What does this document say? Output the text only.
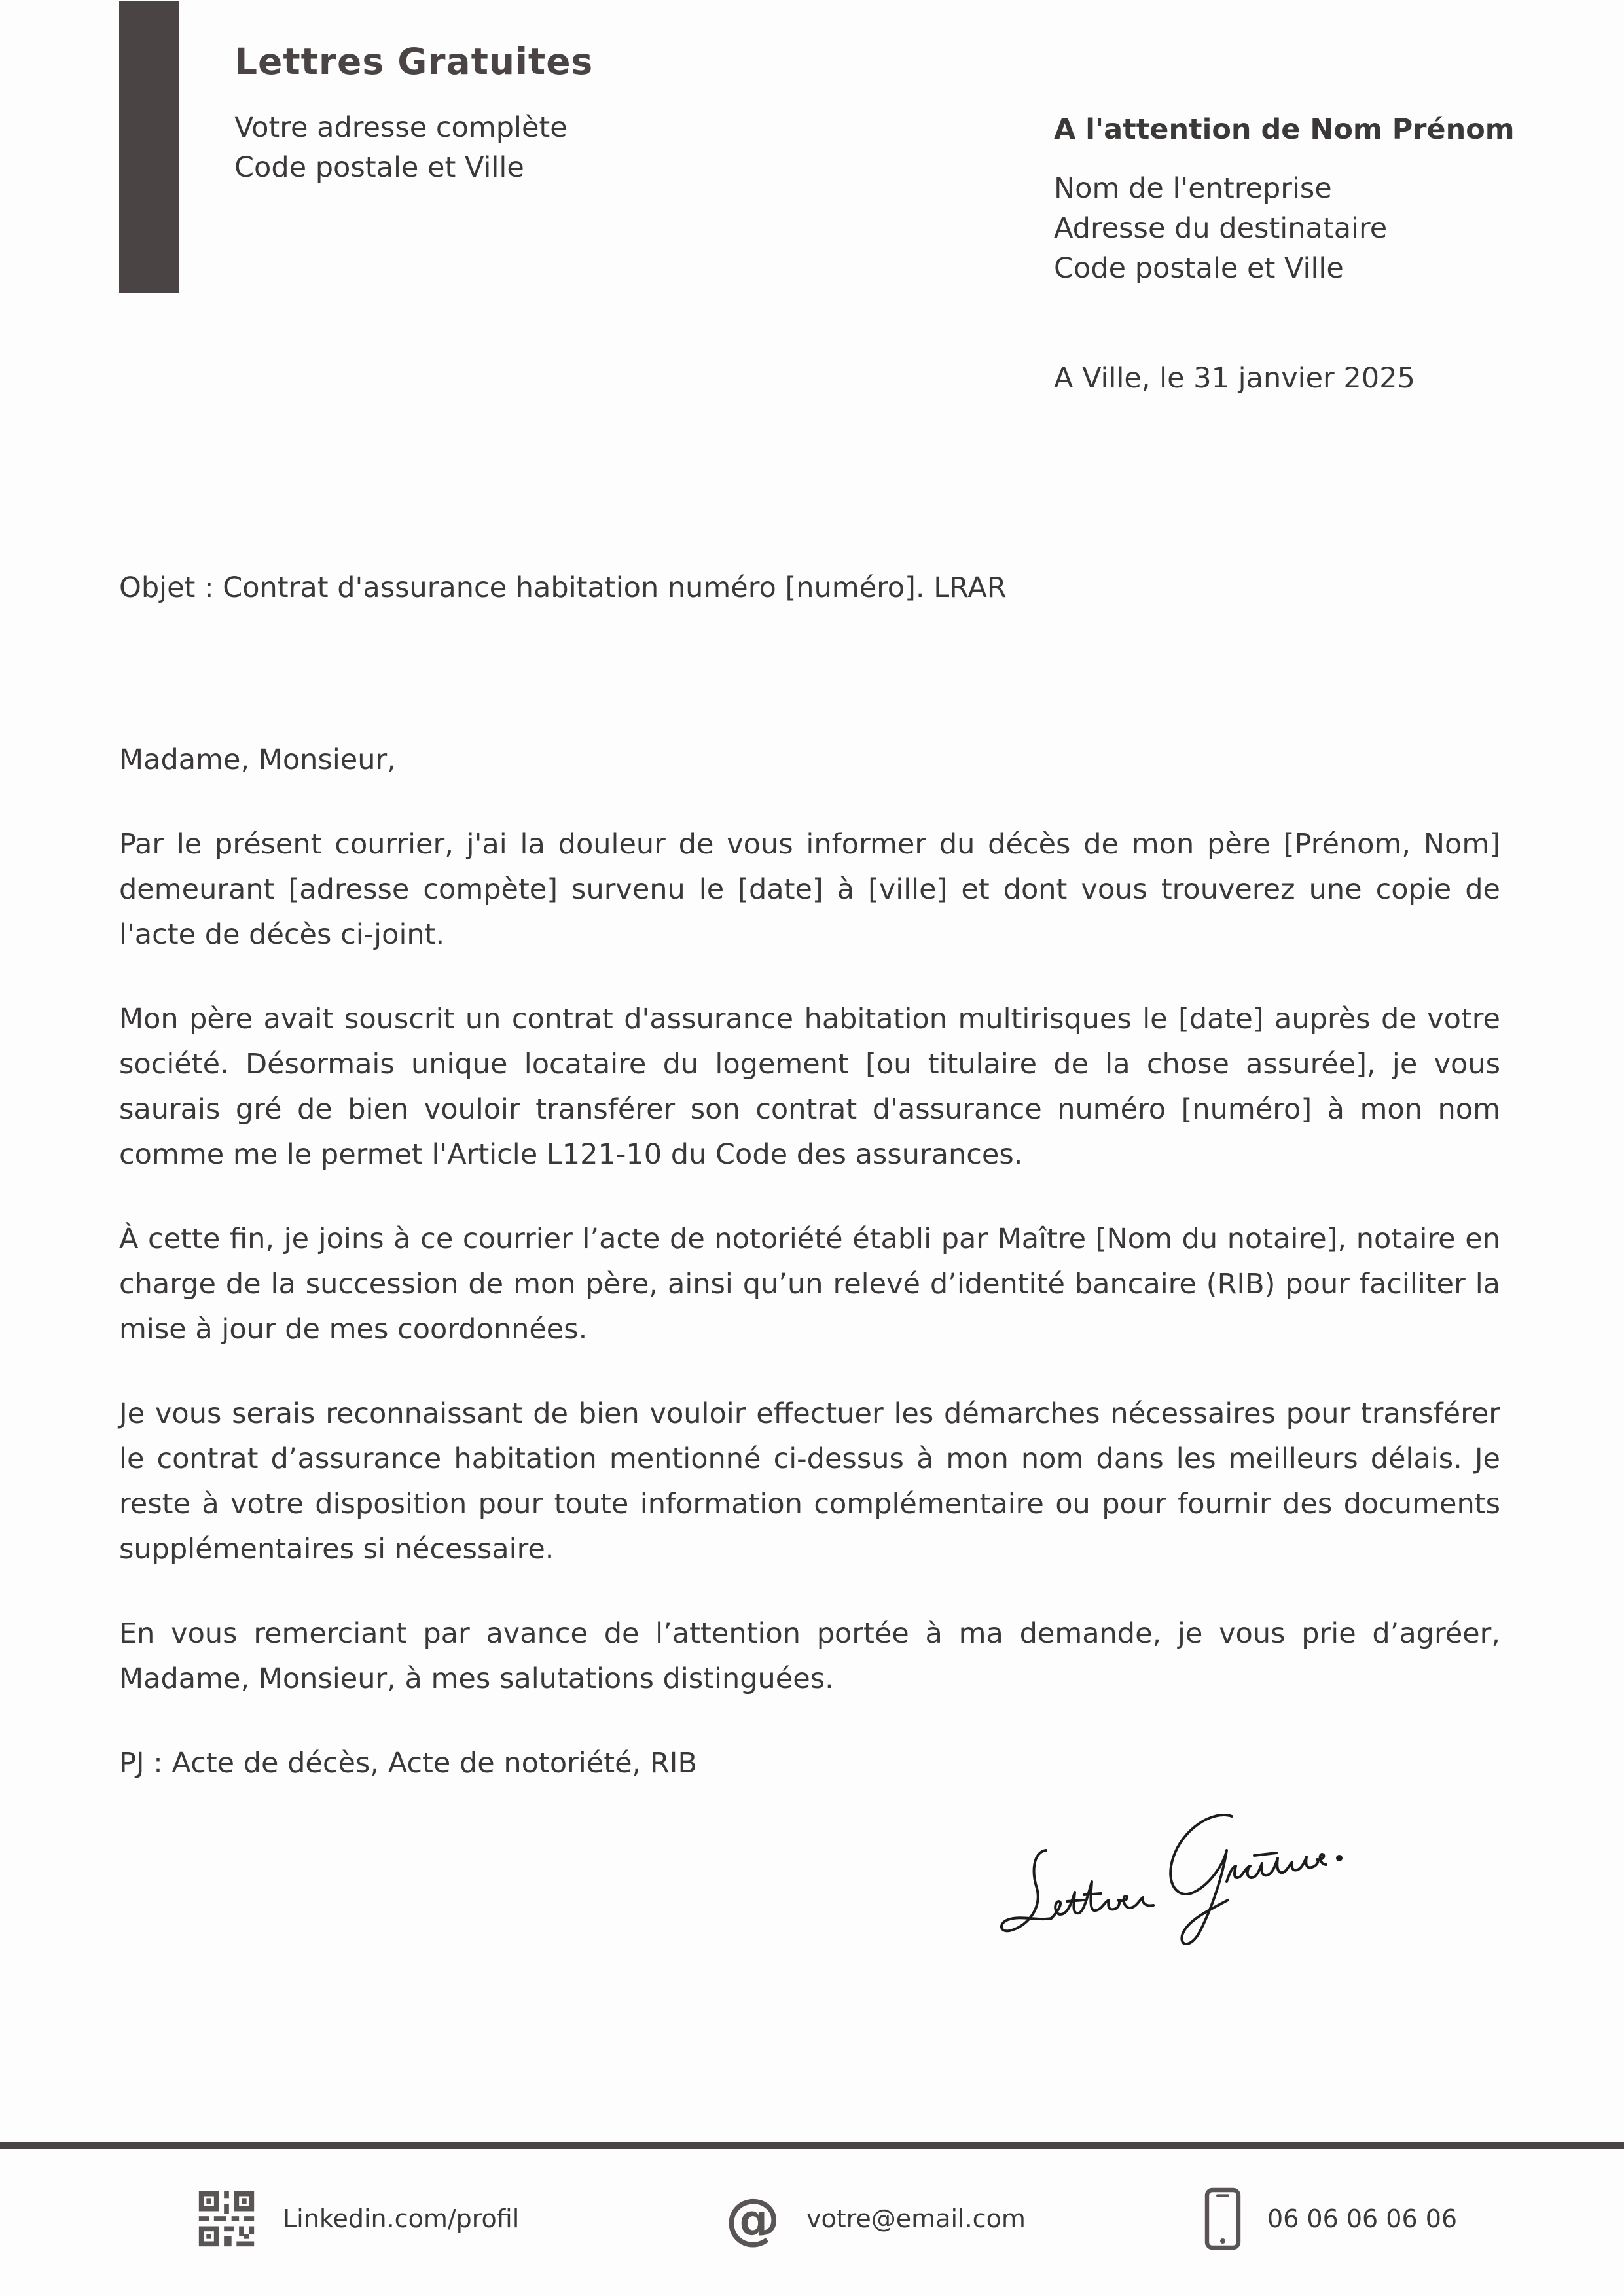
Lettres Gratuites
Votre adresse complète
Code postale et Ville
A l'attention de Nom Prénom
Nom de l'entreprise
Adresse du destinataire
Code postale et Ville
A Ville, le 31 janvier 2025
Objet : Contrat d'assurance habitation numéro [numéro]. LRAR

Madame, Monsieur,

Par le présent courrier, j'ai la douleur de vous informer du décès de mon père [Prénom, Nom] demeurant [adresse compète] survenu le [date] à [ville] et dont vous trouverez une copie de l'acte de décès ci-joint.

Mon père avait souscrit un contrat d'assurance habitation multirisques le [date] auprès de votre société. Désormais unique locataire du logement [ou titulaire de la chose assurée], je vous saurais gré de bien vouloir transférer son contrat d'assurance numéro [numéro] à mon nom comme me le permet l'Article L121-10 du Code des assurances.

À cette fin, je joins à ce courrier l’acte de notoriété établi par Maître [Nom du notaire], notaire en charge de la succession de mon père, ainsi qu’un relevé d’identité bancaire (RIB) pour faciliter la mise à jour de mes coordonnées.

Je vous serais reconnaissant de bien vouloir effectuer les démarches nécessaires pour transférer le contrat d’assurance habitation mentionné ci-dessus à mon nom dans les meilleurs délais. Je reste à votre disposition pour toute information complémentaire ou pour fournir des documents supplémentaires si nécessaire.

En vous remerciant par avance de l’attention portée à ma demande, je vous prie d’agréer, Madame, Monsieur, à mes salutations distinguées.

PJ : Acte de décès, Acte de notoriété, RIB

Linkedin.com/profil	@ votre@email.com	06 06 06 06 06
